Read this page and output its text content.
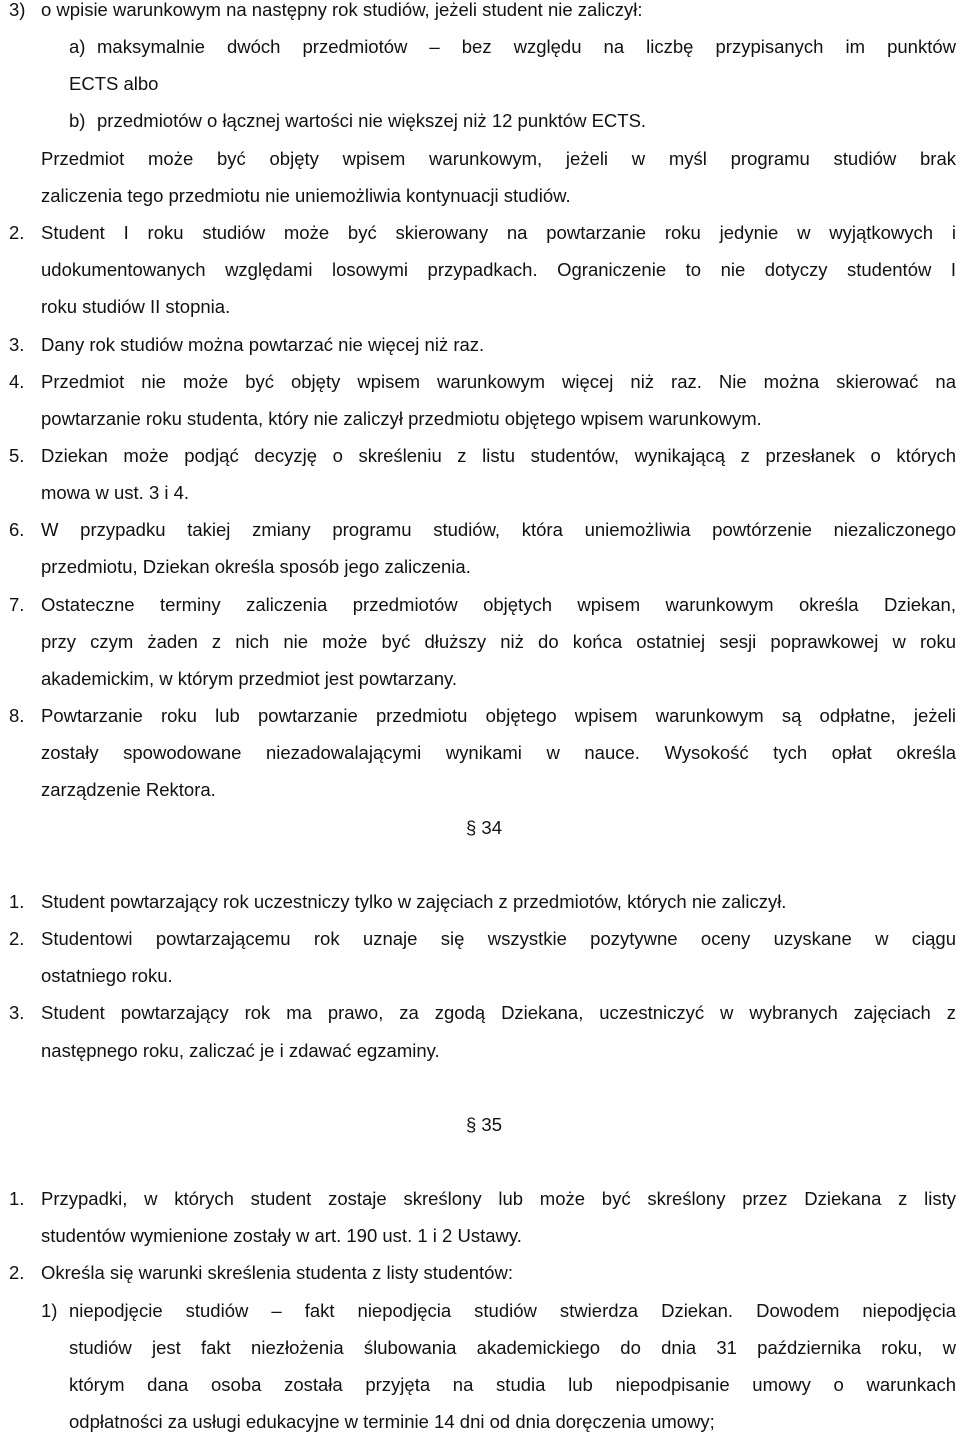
3) o wpisie warunkowym na następny rok studiów, jeżeli student nie zaliczył:
a) maksymalnie dwóch przedmiotów – bez względu na liczbę przypisanych im punktów
ECTS albo
b) przedmiotów o łącznej wartości nie większej niż 12 punktów ECTS.
Przedmiot może być objęty wpisem warunkowym, jeżeli w myśl programu studiów brak
zaliczenia tego przedmiotu nie uniemożliwia kontynuacji studiów.
2. Student I roku studiów może być skierowany na powtarzanie roku jedynie w wyjątkowych i
udokumentowanych względami losowymi przypadkach. Ograniczenie to nie dotyczy studentów I
roku studiów II stopnia.
3. Dany rok studiów można powtarzać nie więcej niż raz.
4. Przedmiot nie może być objęty wpisem warunkowym więcej niż raz. Nie można skierować na
powtarzanie roku studenta, który nie zaliczył przedmiotu objętego wpisem warunkowym.
5. Dziekan może podjąć decyzję o skreśleniu z listu studentów, wynikającą z przesłanek o których
mowa w ust. 3 i 4.
6. W przypadku takiej zmiany programu studiów, która uniemożliwia powtórzenie niezaliczonego
przedmiotu, Dziekan określa sposób jego zaliczenia.
7. Ostateczne terminy zaliczenia przedmiotów objętych wpisem warunkowym określa Dziekan,
przy czym żaden z nich nie może być dłuższy niż do końca ostatniej sesji poprawkowej w roku
akademickim, w którym przedmiot jest powtarzany.
8. Powtarzanie roku lub powtarzanie przedmiotu objętego wpisem warunkowym są odpłatne, jeżeli
zostały spowodowane niezadowalającymi wynikami w nauce. Wysokość tych opłat określa
zarządzenie Rektora.
§ 34
1. Student powtarzający rok uczestniczy tylko w zajęciach z przedmiotów, których nie zaliczył.
2. Studentowi powtarzającemu rok uznaje się wszystkie pozytywne oceny uzyskane w ciągu
ostatniego roku.
3. Student powtarzający rok ma prawo, za zgodą Dziekana, uczestniczyć w wybranych zajęciach z
następnego roku, zaliczać je i zdawać egzaminy.
§ 35
1. Przypadki, w których student zostaje skreślony lub może być skreślony przez Dziekana z listy
studentów wymienione zostały w art. 190 ust. 1 i 2 Ustawy.
2. Określa się warunki skreślenia studenta z listy studentów:
1) niepodjęcie studiów – fakt niepodjęcia studiów stwierdza Dziekan. Dowodem niepodjęcia
studiów jest fakt niezłożenia ślubowania akademickiego do dnia 31 października roku, w
którym dana osoba została przyjęta na studia lub niepodpisanie umowy o warunkach
odpłatności za usługi edukacyjne w terminie 14 dni od dnia doręczenia umowy;
